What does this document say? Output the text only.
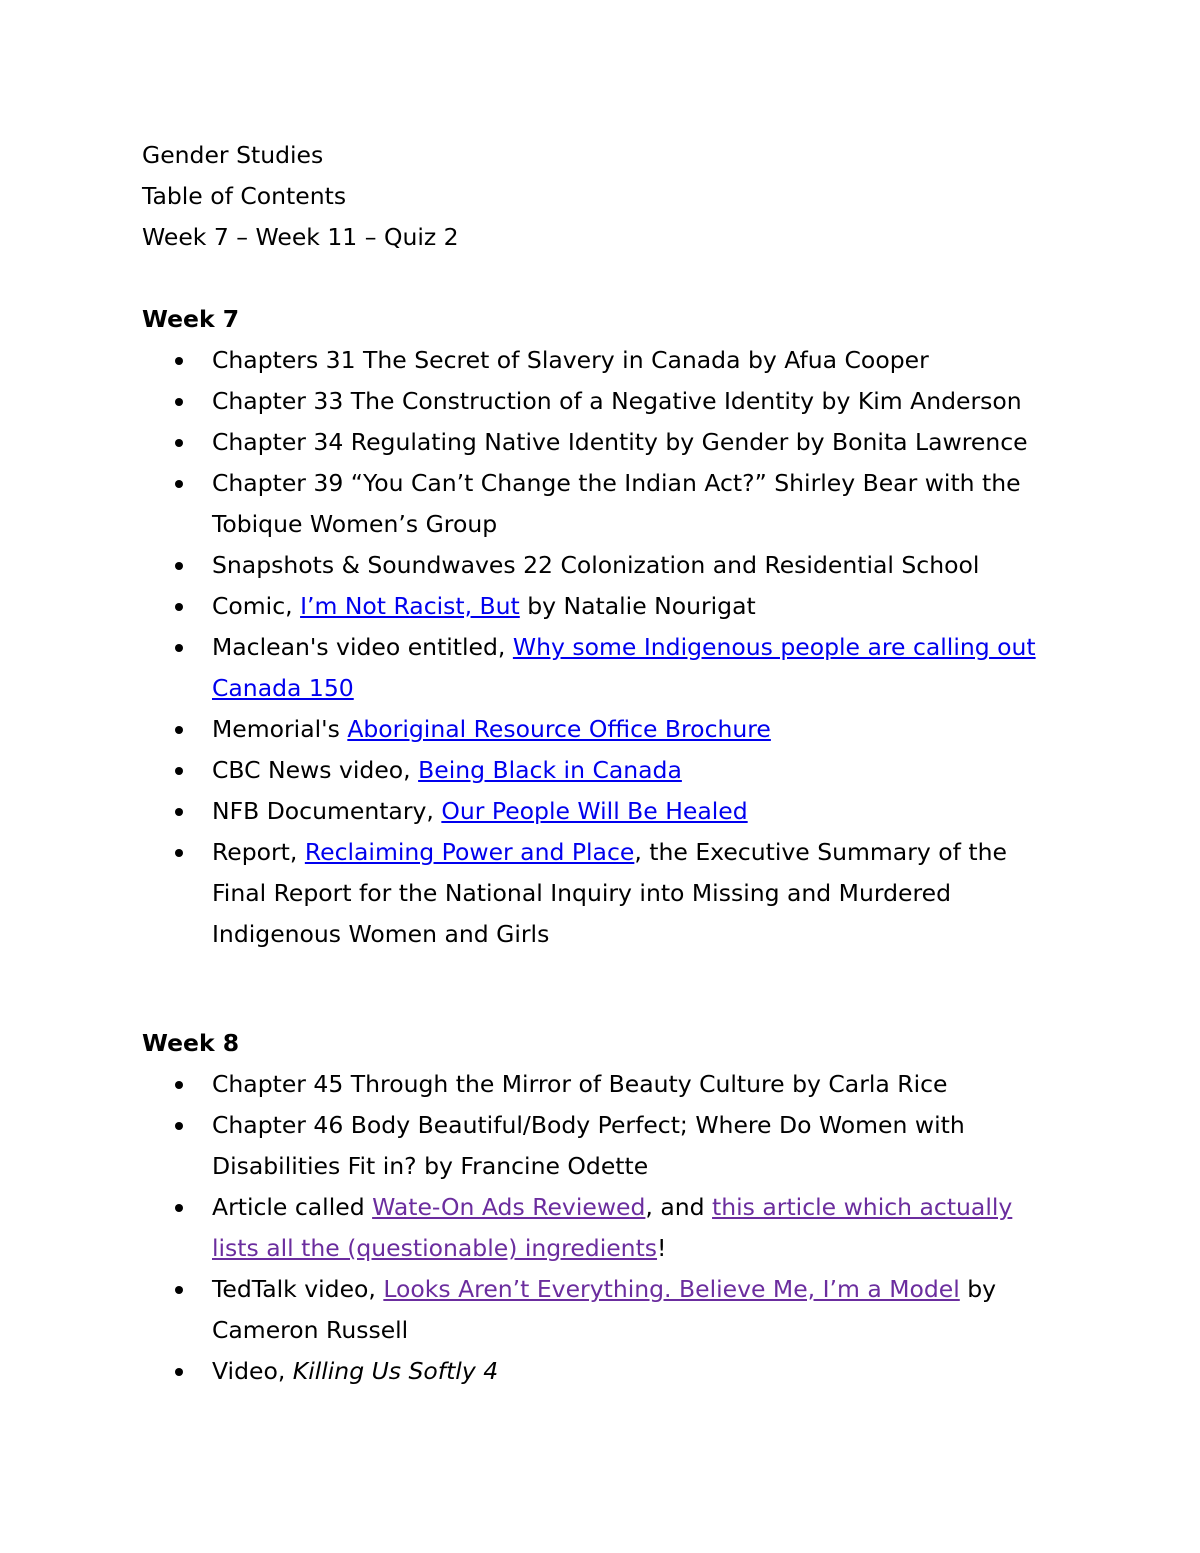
Gender Studies
Table of Contents
Week 7 – Week 11 – Quiz 2
Week 7
Chapters 31 The Secret of Slavery in Canada by Afua Cooper
Chapter 33 The Construction of a Negative Identity by Kim Anderson
Chapter 34 Regulating Native Identity by Gender by Bonita Lawrence
Chapter 39 “You Can’t Change the Indian Act?” Shirley Bear with the Tobique Women’s Group
Snapshots & Soundwaves 22 Colonization and Residential School
Comic, I’m Not Racist, But by Natalie Nourigat
Maclean's video entitled, Why some Indigenous people are calling out Canada 150
Memorial's Aboriginal Resource Office Brochure
CBC News video, Being Black in Canada
NFB Documentary, Our People Will Be Healed
Report, Reclaiming Power and Place, the Executive Summary of the Final Report for the National Inquiry into Missing and Murdered Indigenous Women and Girls
Week 8
Chapter 45 Through the Mirror of Beauty Culture by Carla Rice
Chapter 46 Body Beautiful/Body Perfect; Where Do Women with Disabilities Fit in? by Francine Odette
Article called Wate-On Ads Reviewed, and this article which actually lists all the (questionable) ingredients!
TedTalk video, Looks Aren’t Everything. Believe Me, I’m a Model by Cameron Russell
Video, Killing Us Softly 4
